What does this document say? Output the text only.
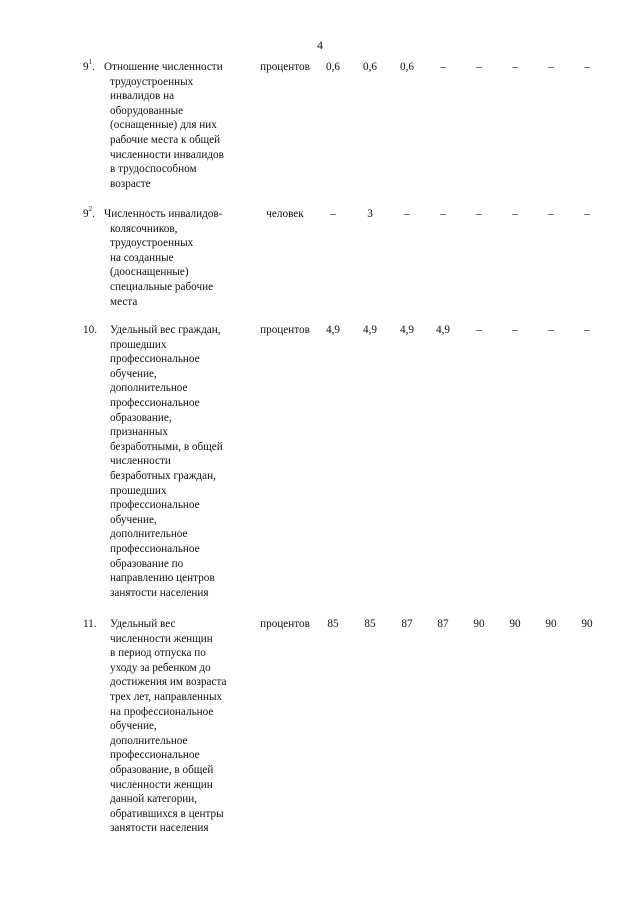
4
$9^1$. Отношение численности
трудоустроенных
инвалидов на
оборудованные
(оснащенные) для них
рабочие места к общей
численности инвалидов
в трудоспособном
возрасте
процентов	0,6	0,6	0,6	–	–	–	–	–
$9^2$. Численность инвалидов-
колясочников,
трудоустроенных
на созданные
(дооснащенные)
специальные рабочие
места
человек	–	3	–	–	–	–	–	–
10. Удельный вес граждан,
прошедших
профессиональное
обучение,
дополнительное
профессиональное
образование,
признанных
безработными, в общей
численности
безработных граждан,
прошедших
профессиональное
обучение,
дополнительное
профессиональное
образование по
направлению центров
занятости населения
процентов	4,9	4,9	4,9	4,9	–	–	–	–
11. Удельный вес
численности женщин
в период отпуска по
уходу за ребенком до
достижения им возраста
трех лет, направленных
на профессиональное
обучение,
дополнительное
профессиональное
образование, в общей
численности женщин
данной категории,
обратившихся в центры
занятости населения
процентов	85	85	87	87	90	90	90	90
